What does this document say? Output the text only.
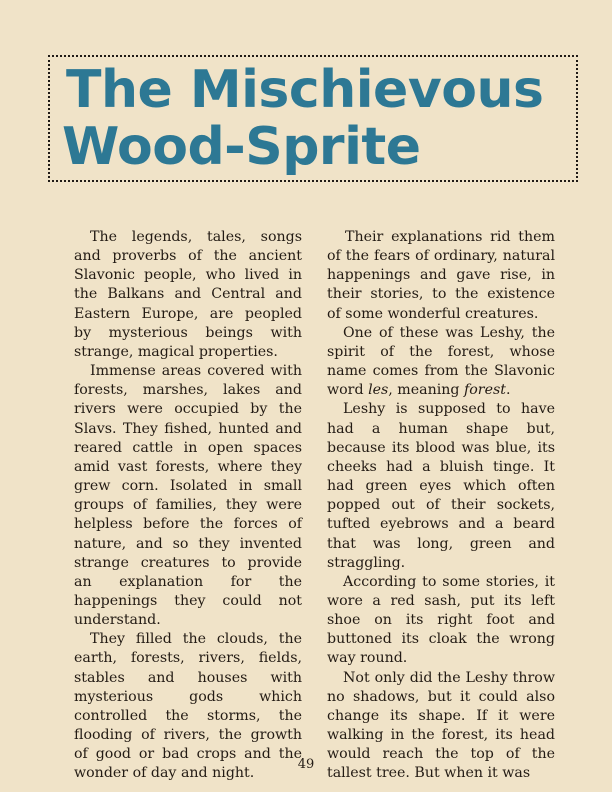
The Mischievous
Wood-Sprite

The legends, tales, songs and proverbs of the ancient Slavonic people, who lived in the Balkans and Central and Eastern Europe, are peopled by mysterious beings with strange, magical properties.

Immense areas covered with forests, marshes, lakes and rivers were occupied by the Slavs. They fished, hunted and reared cattle in open spaces amid vast forests, where they grew corn. Isolated in small groups of families, they were helpless before the forces of nature, and so they invented strange creatures to provide an explanation for the happenings they could not understand.

They filled the clouds, the earth, forests, rivers, fields, stables and houses with mysterious gods which controlled the storms, the flooding of rivers, the growth of good or bad crops and the wonder of day and night.

Their explanations rid them of the fears of ordinary, natural happenings and gave rise, in their stories, to the existence of some wonderful creatures.

One of these was Leshy, the spirit of the forest, whose name comes from the Slavonic word les, meaning forest.

Leshy is supposed to have had a human shape but, because its blood was blue, its cheeks had a bluish tinge. It had green eyes which often popped out of their sockets, tufted eyebrows and a beard that was long, green and straggling.

According to some stories, it wore a red sash, put its left shoe on its right foot and buttoned its cloak the wrong way round.

Not only did the Leshy throw no shadows, but it could also change its shape. If it were walking in the forest, its head would reach the top of the tallest tree. But when it was

49
